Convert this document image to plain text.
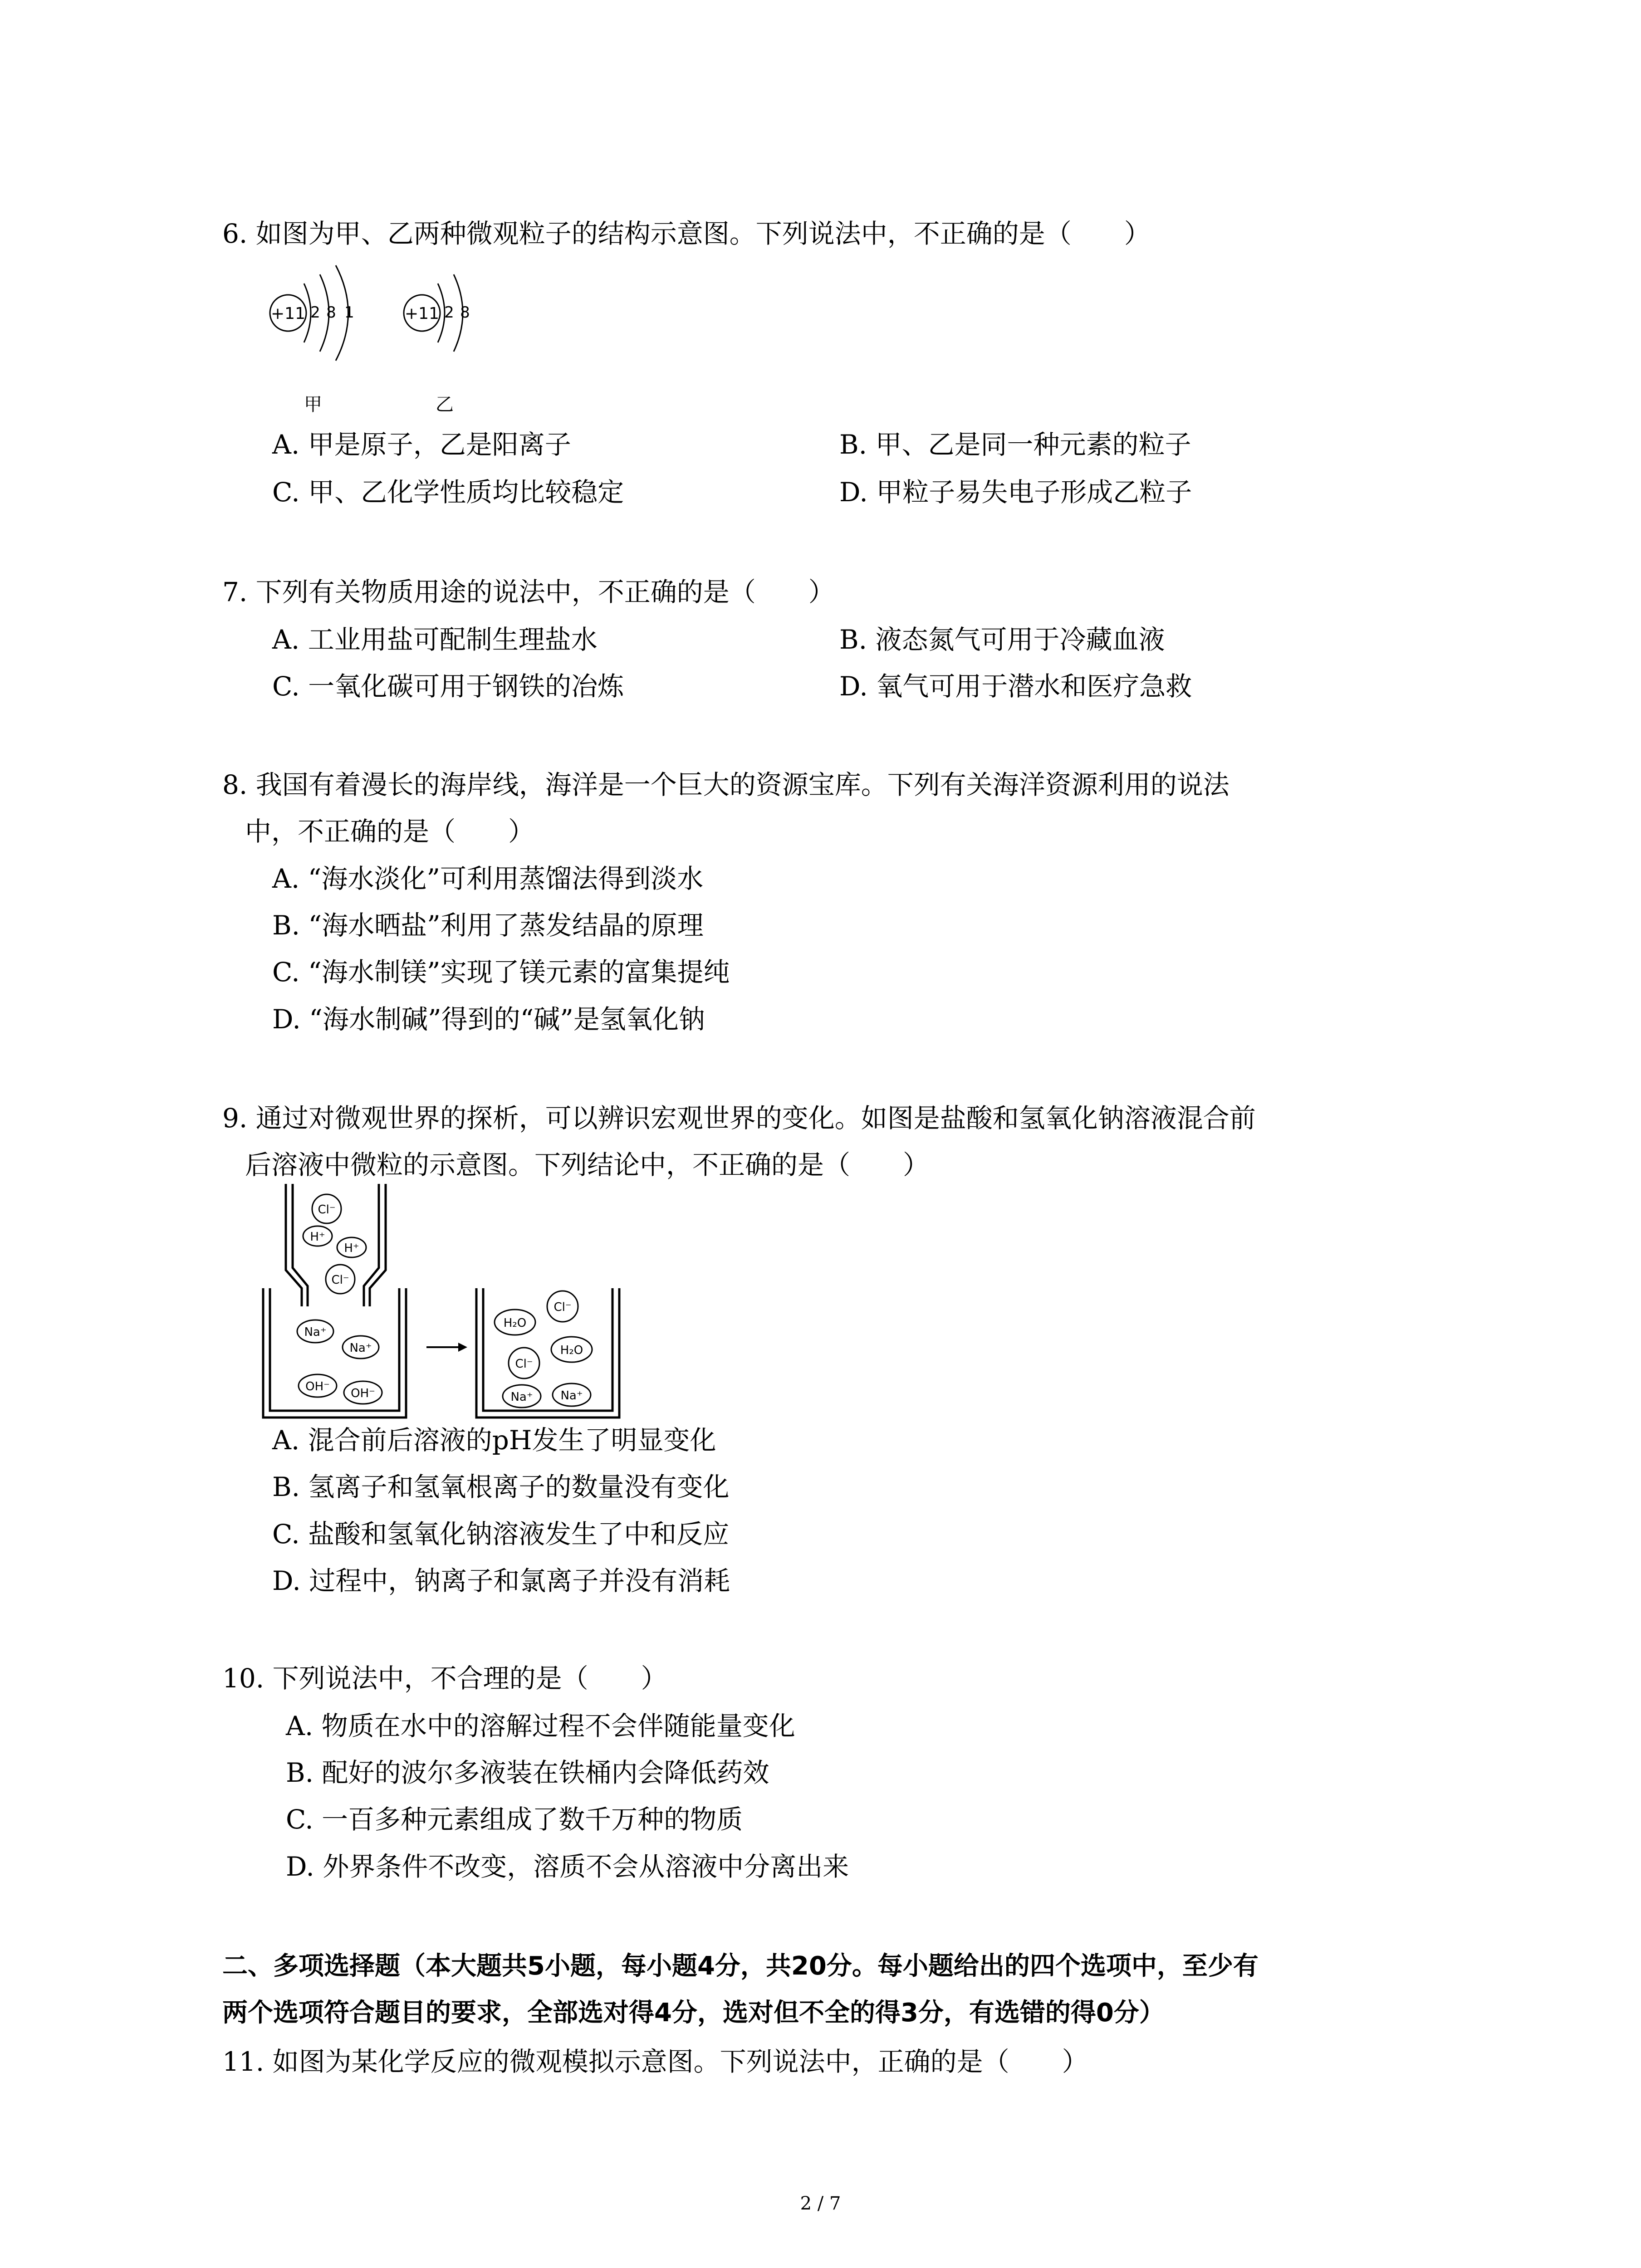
6. 如图为甲、乙两种微观粒子的结构示意图。下列说法中，不正确的是（　　）
+11 2 8 1
甲
+11 2 8
乙
A. 甲是原子，乙是阳离子	B. 甲、乙是同一种元素的粒子
C. 甲、乙化学性质均比较稳定	D. 甲粒子易失电子形成乙粒子
7. 下列有关物质用途的说法中，不正确的是（　　）
A. 工业用盐可配制生理盐水	B. 液态氮气可用于冷藏血液
C. 一氧化碳可用于钢铁的冶炼	D. 氧气可用于潜水和医疗急救
8. 我国有着漫长的海岸线，海洋是一个巨大的资源宝库。下列有关海洋资源利用的说法
中，不正确的是（　　）
A. “海水淡化”可利用蒸馏法得到淡水
B. “海水晒盐”利用了蒸发结晶的原理
C. “海水制镁”实现了镁元素的富集提纯
D. “海水制碱”得到的“碱”是氢氧化钠
9. 通过对微观世界的探析，可以辨识宏观世界的变化。如图是盐酸和氢氧化钠溶液混合前
后溶液中微粒的示意图。下列结论中，不正确的是（　　）
Cl⁻
H⁺
H⁺
Cl⁻
Na⁺
Na⁺
OH⁻ OH⁻
H₂O
Cl⁻
H₂O
Cl⁻
Na⁺ Na⁺
A. 混合前后溶液的pH发生了明显变化
B. 氢离子和氢氧根离子的数量没有变化
C. 盐酸和氢氧化钠溶液发生了中和反应
D. 过程中，钠离子和氯离子并没有消耗
10. 下列说法中，不合理的是（　　）
A. 物质在水中的溶解过程不会伴随能量变化
B. 配好的波尔多液装在铁桶内会降低药效
C. 一百多种元素组成了数千万种的物质
D. 外界条件不改变，溶质不会从溶液中分离出来
二、多项选择题（本大题共5小题，每小题4分，共20分。每小题给出的四个选项中，至少有
两个选项符合题目的要求，全部选对得4分，选对但不全的得3分，有选错的得0分）
11. 如图为某化学反应的微观模拟示意图。下列说法中，正确的是（　　）
2 / 7
